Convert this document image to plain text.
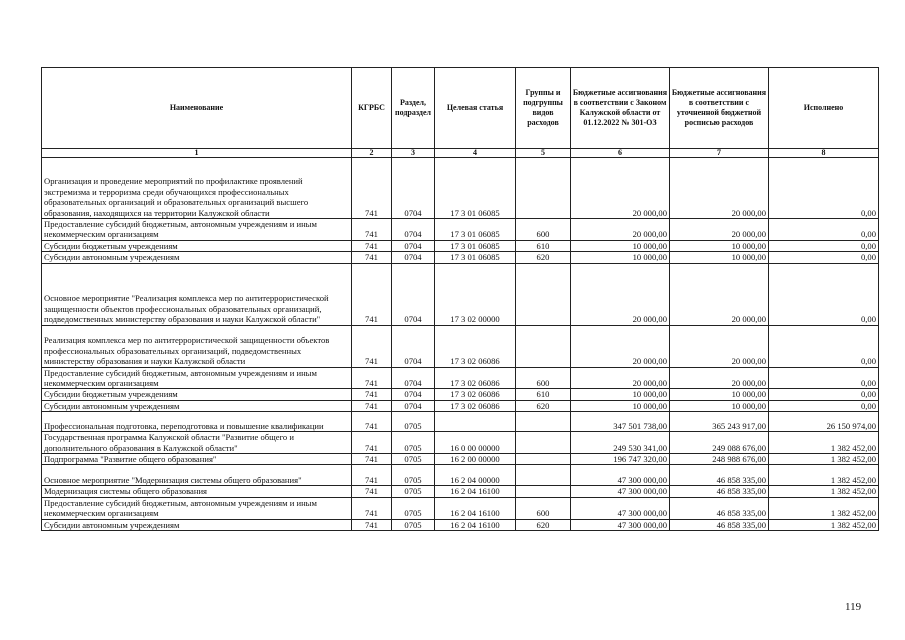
Наименование	КГРБС	Раздел, подраздел	Целевая статья	Группы и подгруппы видов расходов	Бюджетные ассигнования в соответствии с Законом Калужской области от 01.12.2022 № 301-ОЗ	Бюджетные ассигнования в соответствии с уточненной бюджетной росписью расходов	Исполнено
1	2	3	4	5	6	7	8
Организация и проведение мероприятий по профилактике проявлений экстремизма и терроризма среди обучающихся профессиональных образовательных организаций и образовательных организаций высшего образования, находящихся на территории Калужской области	741	0704	17 3 01 06085		20 000,00	20 000,00	0,00
Предоставление субсидий бюджетным, автономным учреждениям и иным некоммерческим организациям	741	0704	17 3 01 06085	600	20 000,00	20 000,00	0,00
Субсидии бюджетным учреждениям	741	0704	17 3 01 06085	610	10 000,00	10 000,00	0,00
Субсидии автономным учреждениям	741	0704	17 3 01 06085	620	10 000,00	10 000,00	0,00
Основное мероприятие "Реализация комплекса мер по антитеррористической защищенности объектов профессиональных образовательных организаций, подведомственных министерству образования и науки Калужской области"	741	0704	17 3 02 00000		20 000,00	20 000,00	0,00
Реализация комплекса мер по антитеррористической защищенности объектов профессиональных образовательных организаций, подведомственных министерству образования и науки Калужской области	741	0704	17 3 02 06086		20 000,00	20 000,00	0,00
Предоставление субсидий бюджетным, автономным учреждениям и иным некоммерческим организациям	741	0704	17 3 02 06086	600	20 000,00	20 000,00	0,00
Субсидии бюджетным учреждениям	741	0704	17 3 02 06086	610	10 000,00	10 000,00	0,00
Субсидии автономным учреждениям	741	0704	17 3 02 06086	620	10 000,00	10 000,00	0,00
Профессиональная подготовка, переподготовка и повышение квалификации	741	0705			347 501 738,00	365 243 917,00	26 150 974,00
Государственная программа Калужской области "Развитие общего и дополнительного образования в Калужской области"	741	0705	16 0 00 00000		249 530 341,00	249 088 676,00	1 382 452,00
Подпрограмма "Развитие общего образования"	741	0705	16 2 00 00000		196 747 320,00	248 988 676,00	1 382 452,00
Основное мероприятие "Модернизация системы общего образования"	741	0705	16 2 04 00000		47 300 000,00	46 858 335,00	1 382 452,00
Модернизация системы общего образования	741	0705	16 2 04 16100		47 300 000,00	46 858 335,00	1 382 452,00
Предоставление субсидий бюджетным, автономным учреждениям и иным некоммерческим организациям	741	0705	16 2 04 16100	600	47 300 000,00	46 858 335,00	1 382 452,00
Субсидии автономным учреждениям	741	0705	16 2 04 16100	620	47 300 000,00	46 858 335,00	1 382 452,00
119
